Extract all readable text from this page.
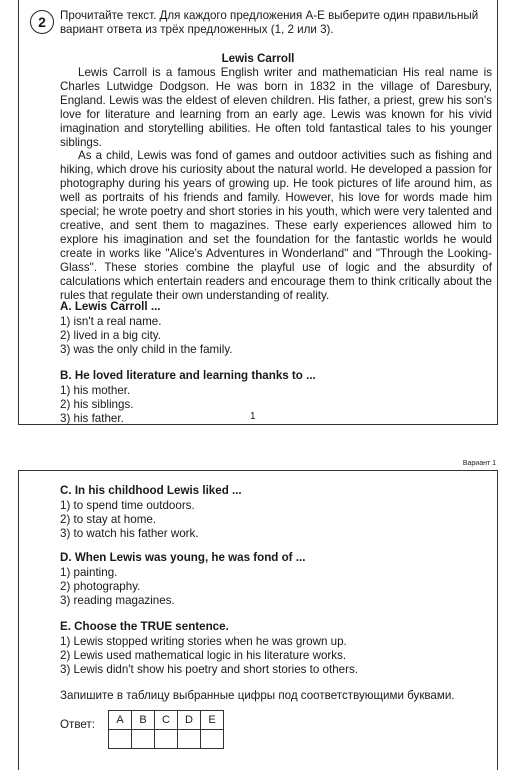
2	Прочитайте текст. Для каждого предложения А-Е выберите один правильный вариант ответа из трёх предложенных (1, 2 или 3).
Lewis Carroll

Lewis Carroll is a famous English writer and mathematician His real name is Charles Lutwidge Dodgson. He was born in 1832 in the village of Daresbury, England. Lewis was the eldest of eleven children. His father, a priest, grew his son's love for literature and learning from an early age. Lewis was known for his vivid imagination and storytelling abilities. He often told fantastical tales to his younger siblings.

As a child, Lewis was fond of games and outdoor activities such as fishing and hiking, which drove his curiosity about the natural world. He developed a passion for photography during his years of growing up. He took pictures of life around him, as well as portraits of his friends and family. However, his love for words made him special; he wrote poetry and short stories in his youth, which were very talented and creative, and sent them to magazines. These early experiences allowed him to explore his imagination and set the foundation for the fantastic worlds he would create in works like "Alice's Adventures in Wonderland" and "Through the Looking-Glass". These stories combine the playful use of logic and the absurdity of calculations which entertain readers and encourage them to think critically about the rules that regulate their own understanding of reality.

A. Lewis Carroll ...
1) isn't a real name.
2) lived in a big city.
3) was the only child in the family.
B. He loved literature and learning thanks to ...
1) his mother.
2) his siblings.
3) his father.	1
Вариант 1
C. In his childhood Lewis liked ...
1) to spend time outdoors.
2) to stay at home.
3) to watch his father work.
D. When Lewis was young, he was fond of ...
1) painting.
2) photography.
3) reading magazines.
E. Choose the TRUE sentence.
1) Lewis stopped writing stories when he was grown up.
2) Lewis used mathematical logic in his literature works.
3) Lewis didn't show his poetry and short stories to others.
Запишите в таблицу выбранные цифры под соответствующими буквами.
Ответ: A	B	C	D	E
